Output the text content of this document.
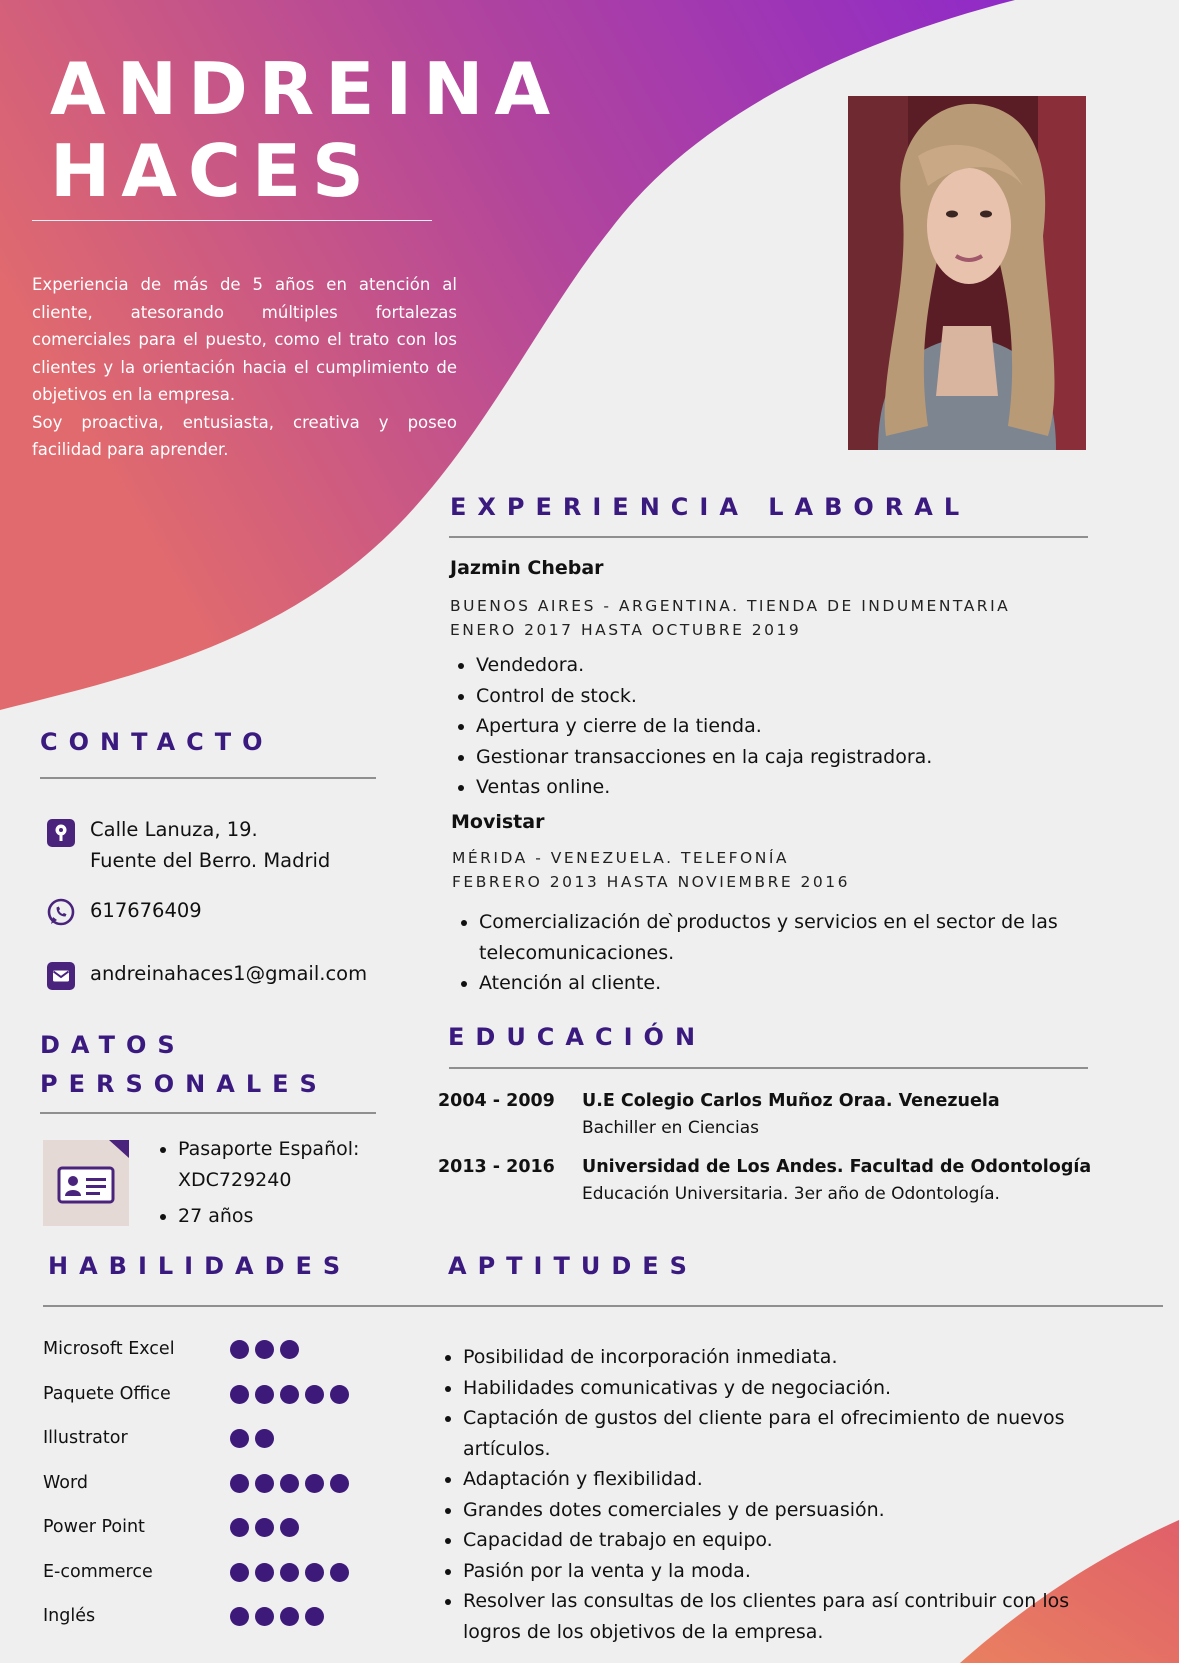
ANDREINA
HACES

Experiencia de más de 5 años en atención al cliente, atesorando múltiples fortalezas comerciales para el puesto, como el trato con los clientes y la orientación hacia el cumplimiento de objetivos en la empresa.

Soy proactiva, entusiasta, creativa y poseo facilidad para aprender.

EXPERIENCIA LABORAL
Jazmin Chebar
BUENOS AIRES - ARGENTINA. TIENDA DE INDUMENTARIA
ENERO 2017 HASTA OCTUBRE 2019
• Vendedora.
• Control de stock.
• Apertura y cierre de la tienda.
• Gestionar transacciones en la caja registradora.
• Ventas online.
Movistar
MÉRIDA - VENEZUELA. TELEFONÍA
FEBRERO 2013 HASTA NOVIEMBRE 2016
• Comercialización de ̀productos y servicios en el sector de las telecomunicaciones.
• Atención al cliente.
CONTACTO
Calle Lanuza, 19.
Fuente del Berro. Madrid
617676409
andreinahaces1@gmail.com
DATOS
PERSONALES
• Pasaporte Español: XDC729240
• 27 años
EDUCACIÓN
2004 - 2009 U.E Colegio Carlos Muñoz Oraa. Venezuela
Bachiller en Ciencias
2013 - 2016 Universidad de Los Andes. Facultad de Odontología
Educación Universitaria. 3er año de Odontología.
HABILIDADES	APTITUDES
Microsoft Excel
Paquete Office
Illustrator
Word
Power Point
E-commerce
Inglés
• Posibilidad de incorporación inmediata.
• Habilidades comunicativas y de negociación.
• Captación de gustos del cliente para el ofrecimiento de nuevos artículos.
• Adaptación y flexibilidad.
• Grandes dotes comerciales y de persuasión.
• Capacidad de trabajo en equipo.
• Pasión por la venta y la moda.
• Resolver las consultas de los clientes para así contribuir con los logros de los objetivos de la empresa.
